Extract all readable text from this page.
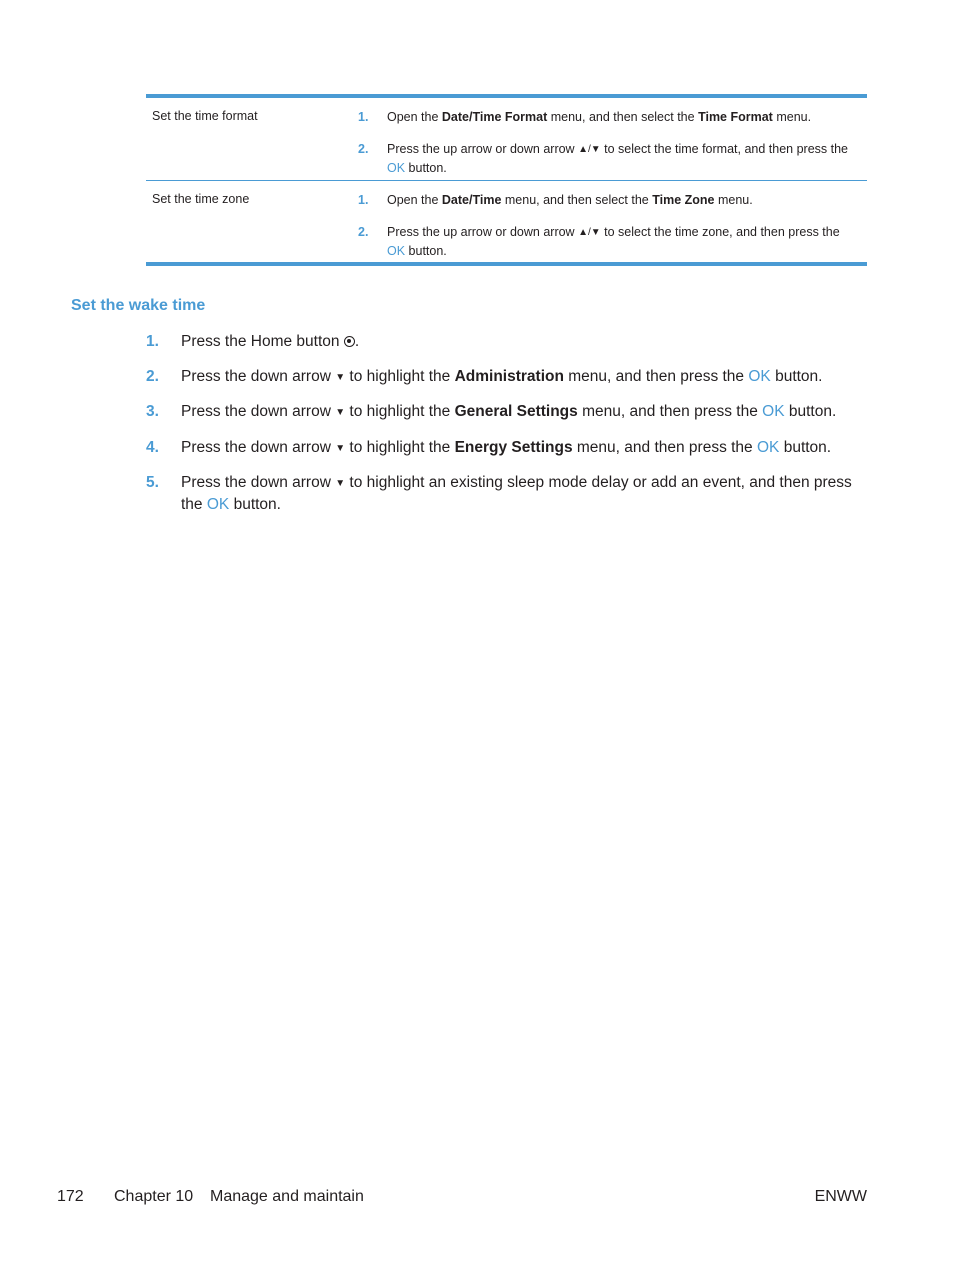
Set the time format	1. Open the Date/Time Format menu, and then select the Time Format menu.
2. Press the up arrow or down arrow ▲/▼ to select the time format, and then press the
OK button.
Set the time zone	1. Open the Date/Time menu, and then select the Time Zone menu.
2. Press the up arrow or down arrow ▲/▼ to select the time zone, and then press the
OK button.
Set the wake time
1. Press the Home button .
2. Press the down arrow ▼ to highlight the Administration menu, and then press the OK button.
3. Press the down arrow ▼ to highlight the General Settings menu, and then press the OK button.
4. Press the down arrow ▼ to highlight the Energy Settings menu, and then press the OK button.
5. Press the down arrow ▼ to highlight an existing sleep mode delay or add an event, and then press the OK button.
172 Chapter 10 Manage and maintain	ENWW
